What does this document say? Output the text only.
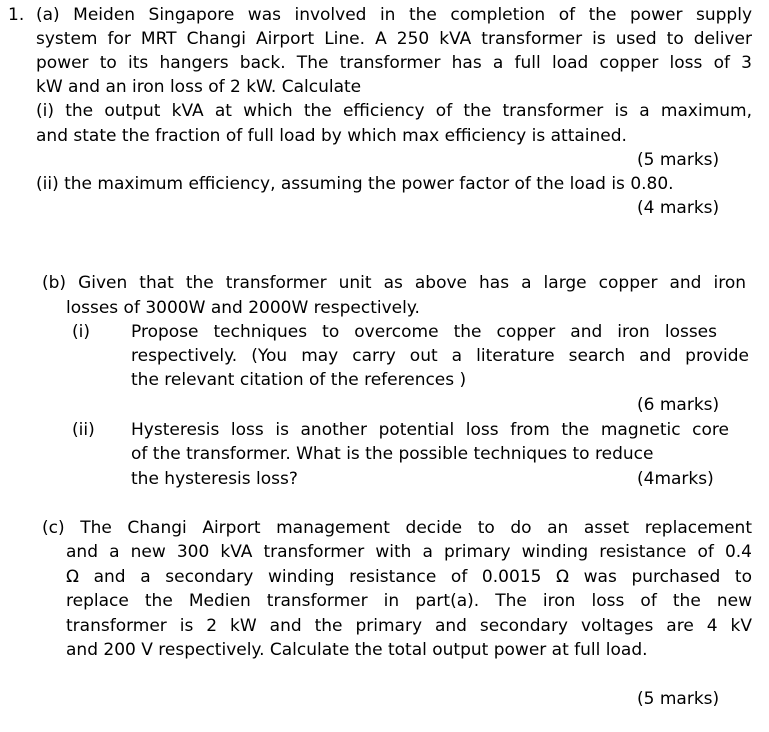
1. (a) Meiden Singapore was involved in the completion of the power supply
system for MRT Changi Airport Line. A 250 kVA transformer is used to deliver
power to its hangers back. The transformer has a full load copper loss of 3
kW and an iron loss of 2 kW. Calculate
(i) the output kVA at which the efficiency of the transformer is a maximum,
and state the fraction of full load by which max efficiency is attained.
(5 marks)
(ii) the maximum efficiency, assuming the power factor of the load is 0.80.
(4 marks)
(b) Given that the transformer unit as above has a large copper and iron
losses of 3000W and 2000W respectively.
(i) Propose techniques to overcome the copper and iron losses
respectively. (You may carry out a literature search and provide
the relevant citation of the references )
(6 marks)
(ii) Hysteresis loss is another potential loss from the magnetic core
of the transformer. What is the possible techniques to reduce
the hysteresis loss?	(4marks)
(c) The Changi Airport management decide to do an asset replacement
and a new 300 kVA transformer with a primary winding resistance of 0.4
Ω and a secondary winding resistance of 0.0015 Ω was purchased to
replace the Medien transformer in part(a). The iron loss of the new
transformer is 2 kW and the primary and secondary voltages are 4 kV
and 200 V respectively. Calculate the total output power at full load.
(5 marks)
